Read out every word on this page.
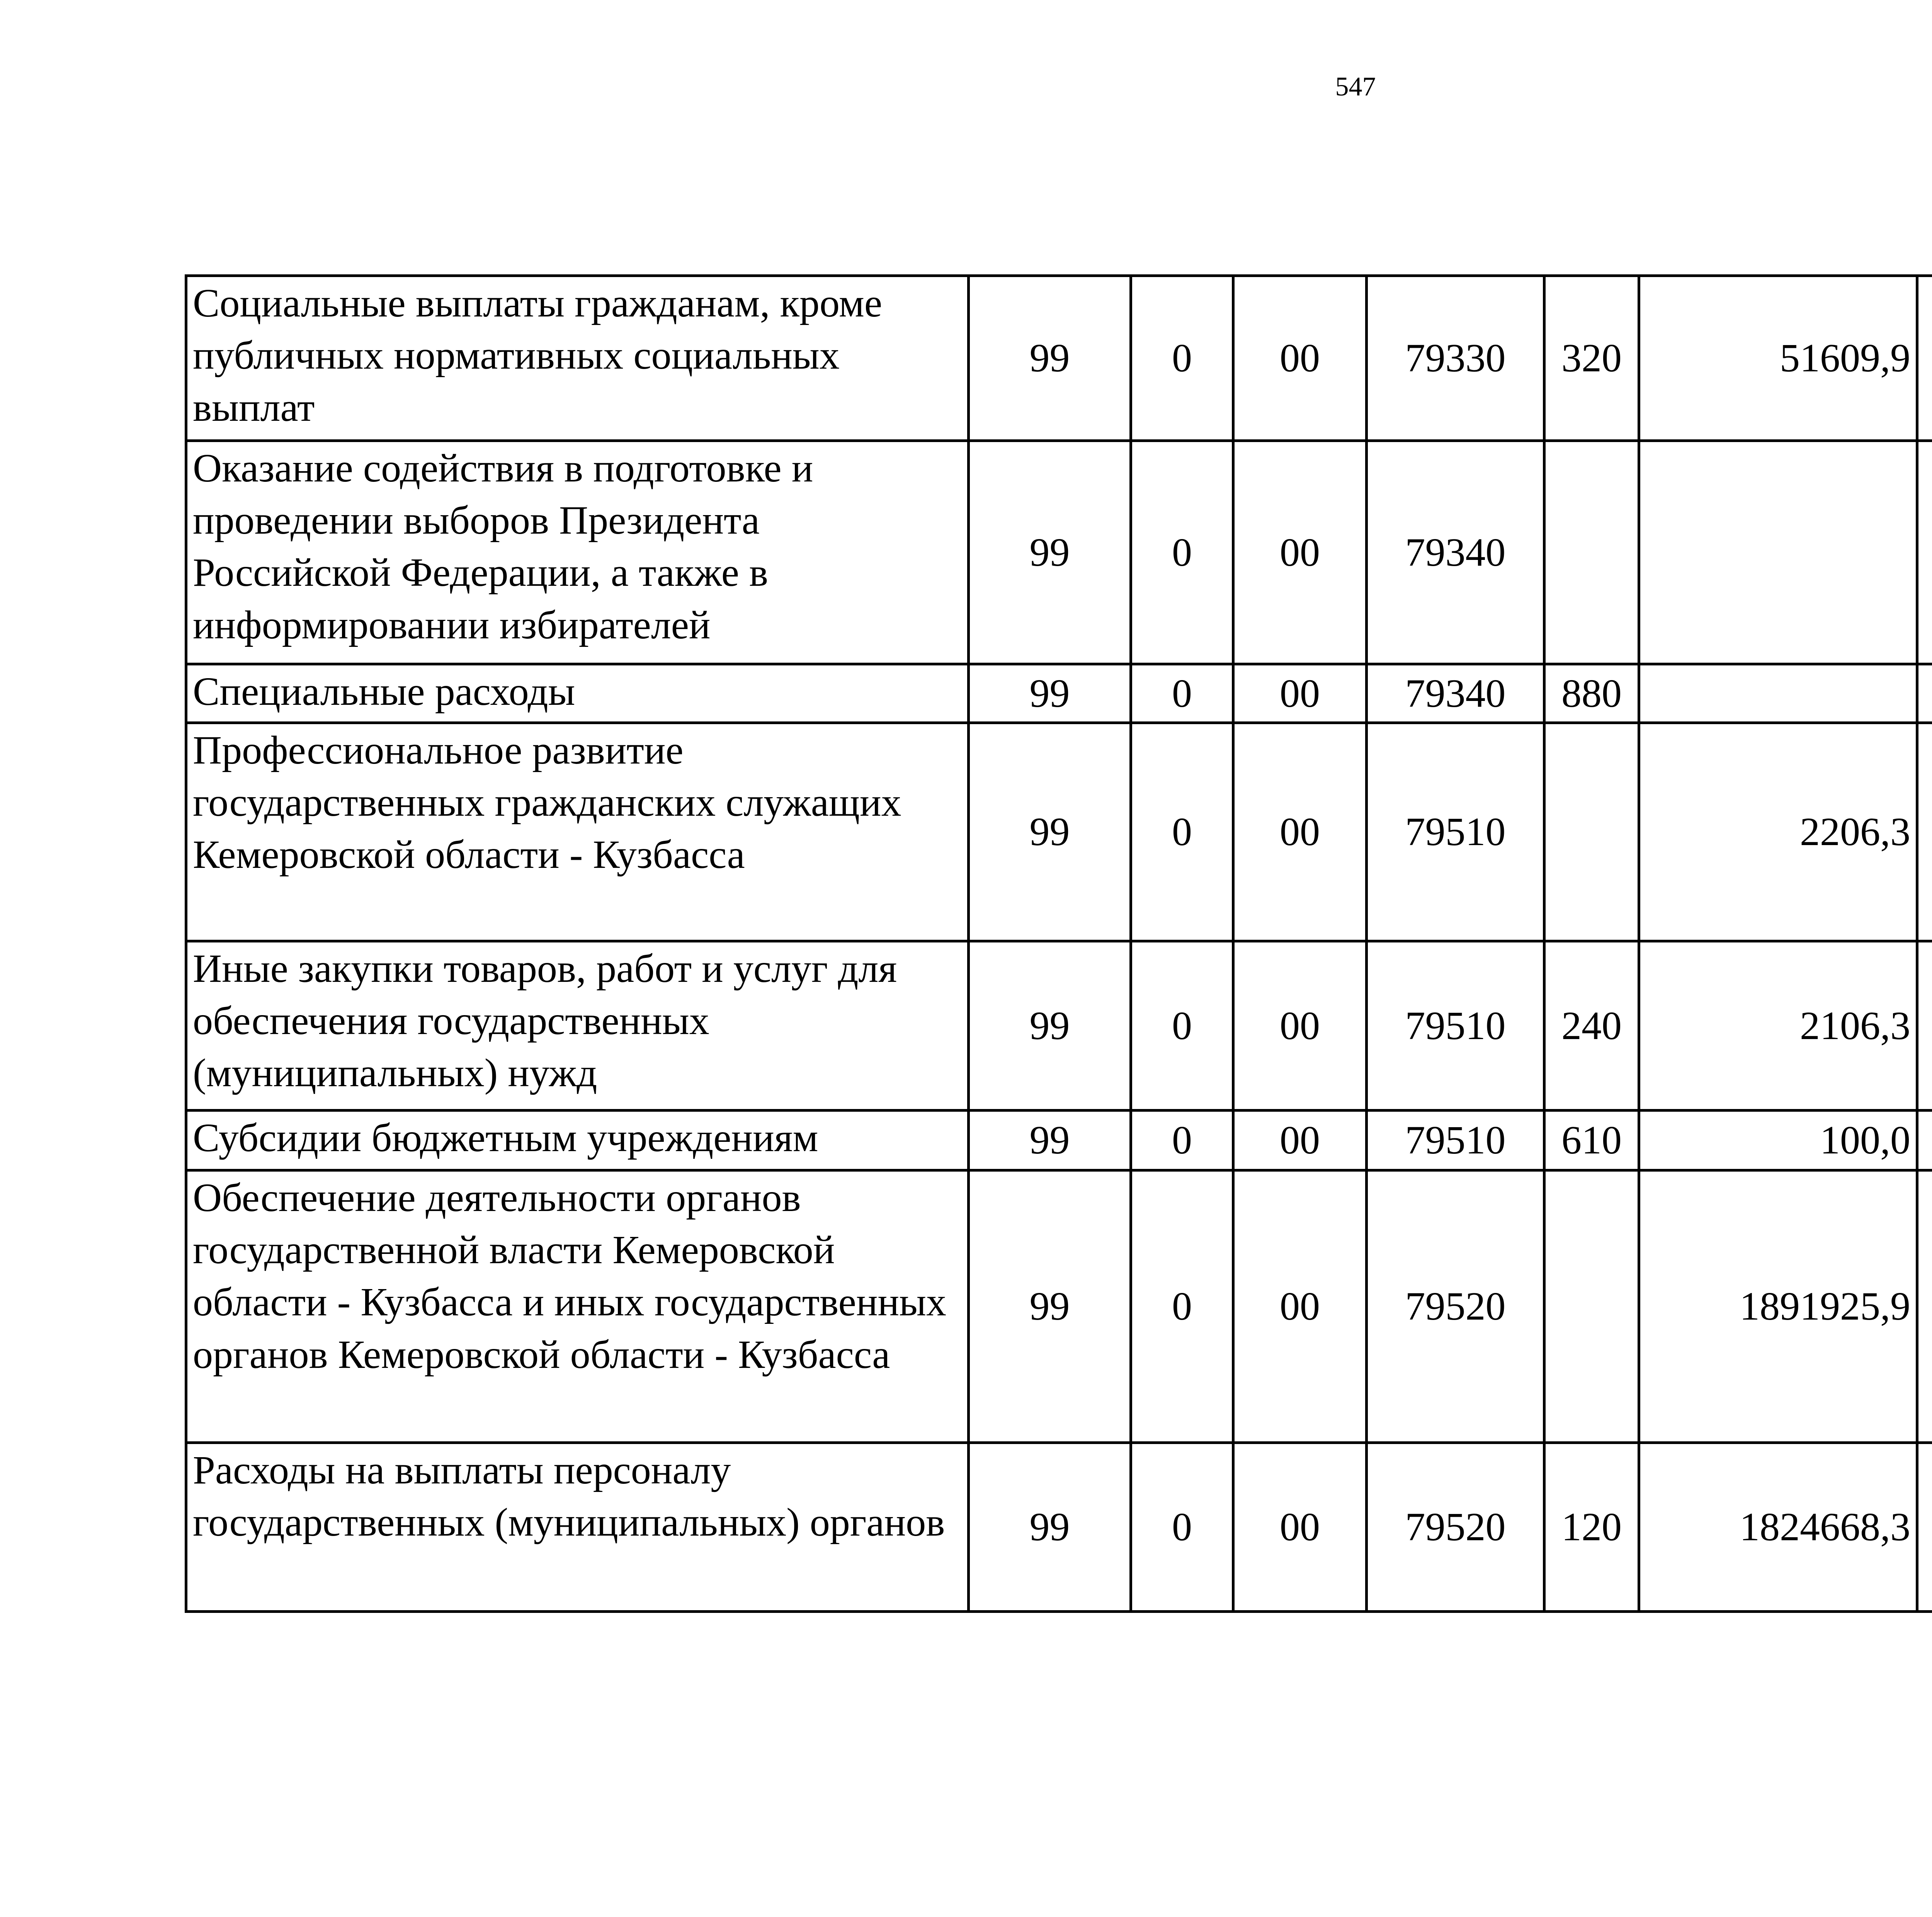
547
Социальные выплаты гражданам, кроме публичных нормативных социальных выплат	99	0	00	79330	320	51609,9		
Оказание содействия в подготовке и проведении выборов Президента Российской Федерации, а также в информировании избирателей	99	0	00	79340				
Специальные расходы	99	0	00	79340	880			
Профессиональное развитие государственных гражданских служащих Кемеровской области - Кузбасса	99	0	00	79510		2206,3		
Иные закупки товаров, работ и услуг для обеспечения государственных (муниципальных) нужд	99	0	00	79510	240	2106,3		
Субсидии бюджетным учреждениям	99	0	00	79510	610	100,0		
Обеспечение деятельности органов государственной власти Кемеровской области - Кузбасса и иных государственных органов Кемеровской области - Кузбасса	99	0	00	79520		1891925,9		
Расходы на выплаты персоналу государственных (муниципальных) органов	99	0	00	79520	120	1824668,3		
